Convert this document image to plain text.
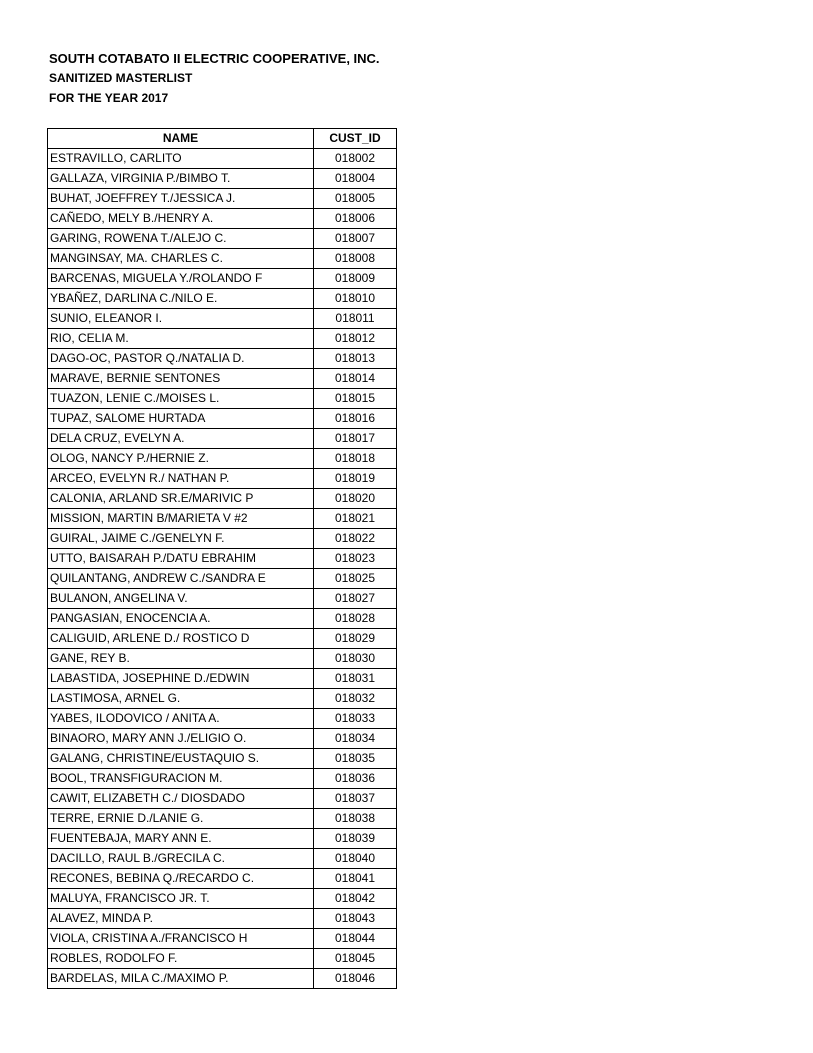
SOUTH COTABATO II ELECTRIC COOPERATIVE, INC.
SANITIZED MASTERLIST
FOR THE YEAR 2017
NAME	CUST_ID
ESTRAVILLO, CARLITO	018002
GALLAZA, VIRGINIA P./BIMBO T.	018004
BUHAT, JOEFFREY T./JESSICA J.	018005
CAÑEDO, MELY B./HENRY A.	018006
GARING, ROWENA T./ALEJO C.	018007
MANGINSAY, MA. CHARLES C.	018008
BARCENAS, MIGUELA Y./ROLANDO F	018009
YBAÑEZ, DARLINA C./NILO E.	018010
SUNIO, ELEANOR I.	018011
RIO, CELIA M.	018012
DAGO-OC, PASTOR Q./NATALIA D.	018013
MARAVE, BERNIE SENTONES	018014
TUAZON, LENIE C./MOISES L.	018015
TUPAZ, SALOME HURTADA	018016
DELA CRUZ, EVELYN A.	018017
OLOG, NANCY P./HERNIE Z.	018018
ARCEO, EVELYN R./ NATHAN P.	018019
CALONIA, ARLAND SR.E/MARIVIC P	018020
MISSION, MARTIN B/MARIETA V #2	018021
GUIRAL, JAIME C./GENELYN F.	018022
UTTO, BAISARAH P./DATU EBRAHIM	018023
QUILANTANG, ANDREW C./SANDRA E	018025
BULANON, ANGELINA V.	018027
PANGASIAN, ENOCENCIA A.	018028
CALIGUID, ARLENE D./ ROSTICO D	018029
GANE, REY B.	018030
LABASTIDA, JOSEPHINE D./EDWIN	018031
LASTIMOSA, ARNEL G.	018032
YABES, ILODOVICO / ANITA A.	018033
BINAORO, MARY ANN J./ELIGIO O.	018034
GALANG, CHRISTINE/EUSTAQUIO S.	018035
BOOL, TRANSFIGURACION M.	018036
CAWIT, ELIZABETH C./ DIOSDADO	018037
TERRE, ERNIE D./LANIE G.	018038
FUENTEBAJA, MARY ANN E.	018039
DACILLO, RAUL B./GRECILA C.	018040
RECONES, BEBINA Q./RECARDO C.	018041
MALUYA, FRANCISCO JR. T.	018042
ALAVEZ, MINDA P.	018043
VIOLA, CRISTINA A./FRANCISCO H	018044
ROBLES, RODOLFO F.	018045
BARDELAS, MILA C./MAXIMO P.	018046
